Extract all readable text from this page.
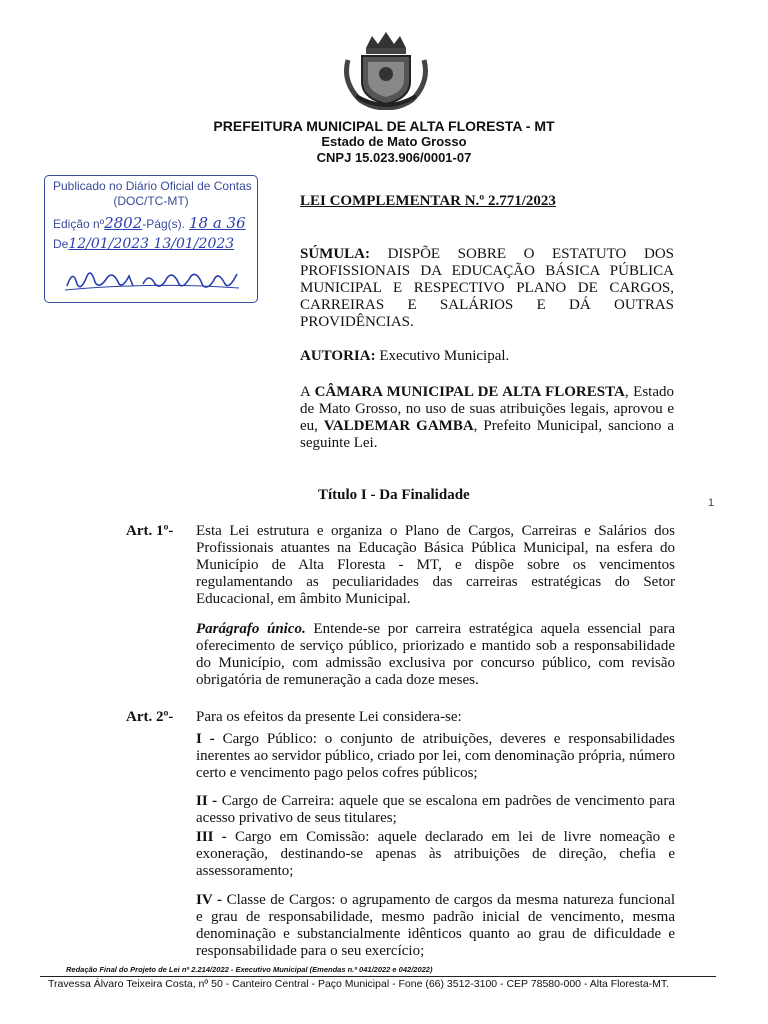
PREFEITURA MUNICIPAL DE ALTA FLORESTA - MT
Estado de Mato Grosso
CNPJ 15.023.906/0001-07
Publicado no Diário Oficial de Contas
(DOC/TC-MT)
Edição nº2802-Pág(s). 18 a 36
De12/01/2023 13/01/2023
LEI COMPLEMENTAR N.º 2.771/2023
SÚMULA: DISPÕE SOBRE O ESTATUTO DOS PROFISSIONAIS DA EDUCAÇÃO BÁSICA PÚBLICA MUNICIPAL E RESPECTIVO PLANO DE CARGOS, CARREIRAS E SALÁRIOS E DÁ OUTRAS PROVIDÊNCIAS.
AUTORIA: Executivo Municipal.
A CÂMARA MUNICIPAL DE ALTA FLORESTA, Estado de Mato Grosso, no uso de suas atribuições legais, aprovou e eu, VALDEMAR GAMBA, Prefeito Municipal, sanciono a seguinte Lei.
Título I - Da Finalidade	1
Art. 1º- Esta Lei estrutura e organiza o Plano de Cargos, Carreiras e Salários dos Profissionais atuantes na Educação Básica Pública Municipal, na esfera do Município de Alta Floresta - MT, e dispõe sobre os vencimentos regulamentando as peculiaridades das carreiras estratégicas do Setor Educacional, em âmbito Municipal.
Parágrafo único. Entende-se por carreira estratégica aquela essencial para oferecimento de serviço público, priorizado e mantido sob a responsabilidade do Município, com admissão exclusiva por concurso público, com revisão obrigatória de remuneração a cada doze meses.
Art. 2º- Para os efeitos da presente Lei considera-se:
I - Cargo Público: o conjunto de atribuições, deveres e responsabilidades inerentes ao servidor público, criado por lei, com denominação própria, número certo e vencimento pago pelos cofres públicos;
II - Cargo de Carreira: aquele que se escalona em padrões de vencimento para acesso privativo de seus titulares;
III - Cargo em Comissão: aquele declarado em lei de livre nomeação e exoneração, destinando-se apenas às atribuições de direção, chefia e assessoramento;
IV - Classe de Cargos: o agrupamento de cargos da mesma natureza funcional e grau de responsabilidade, mesmo padrão inicial de vencimento, mesma denominação e substancialmente idênticos quanto ao grau de dificuldade e responsabilidade para o seu exercício;
Redação Final do Projeto de Lei nº 2.214/2022 - Executivo Municipal (Emendas n.º 041/2022 e 042/2022)
Travessa Álvaro Teixeira Costa, nº 50 - Canteiro Central - Paço Municipal - Fone (66) 3512-3100 - CEP 78580-000 - Alta Floresta-MT.
